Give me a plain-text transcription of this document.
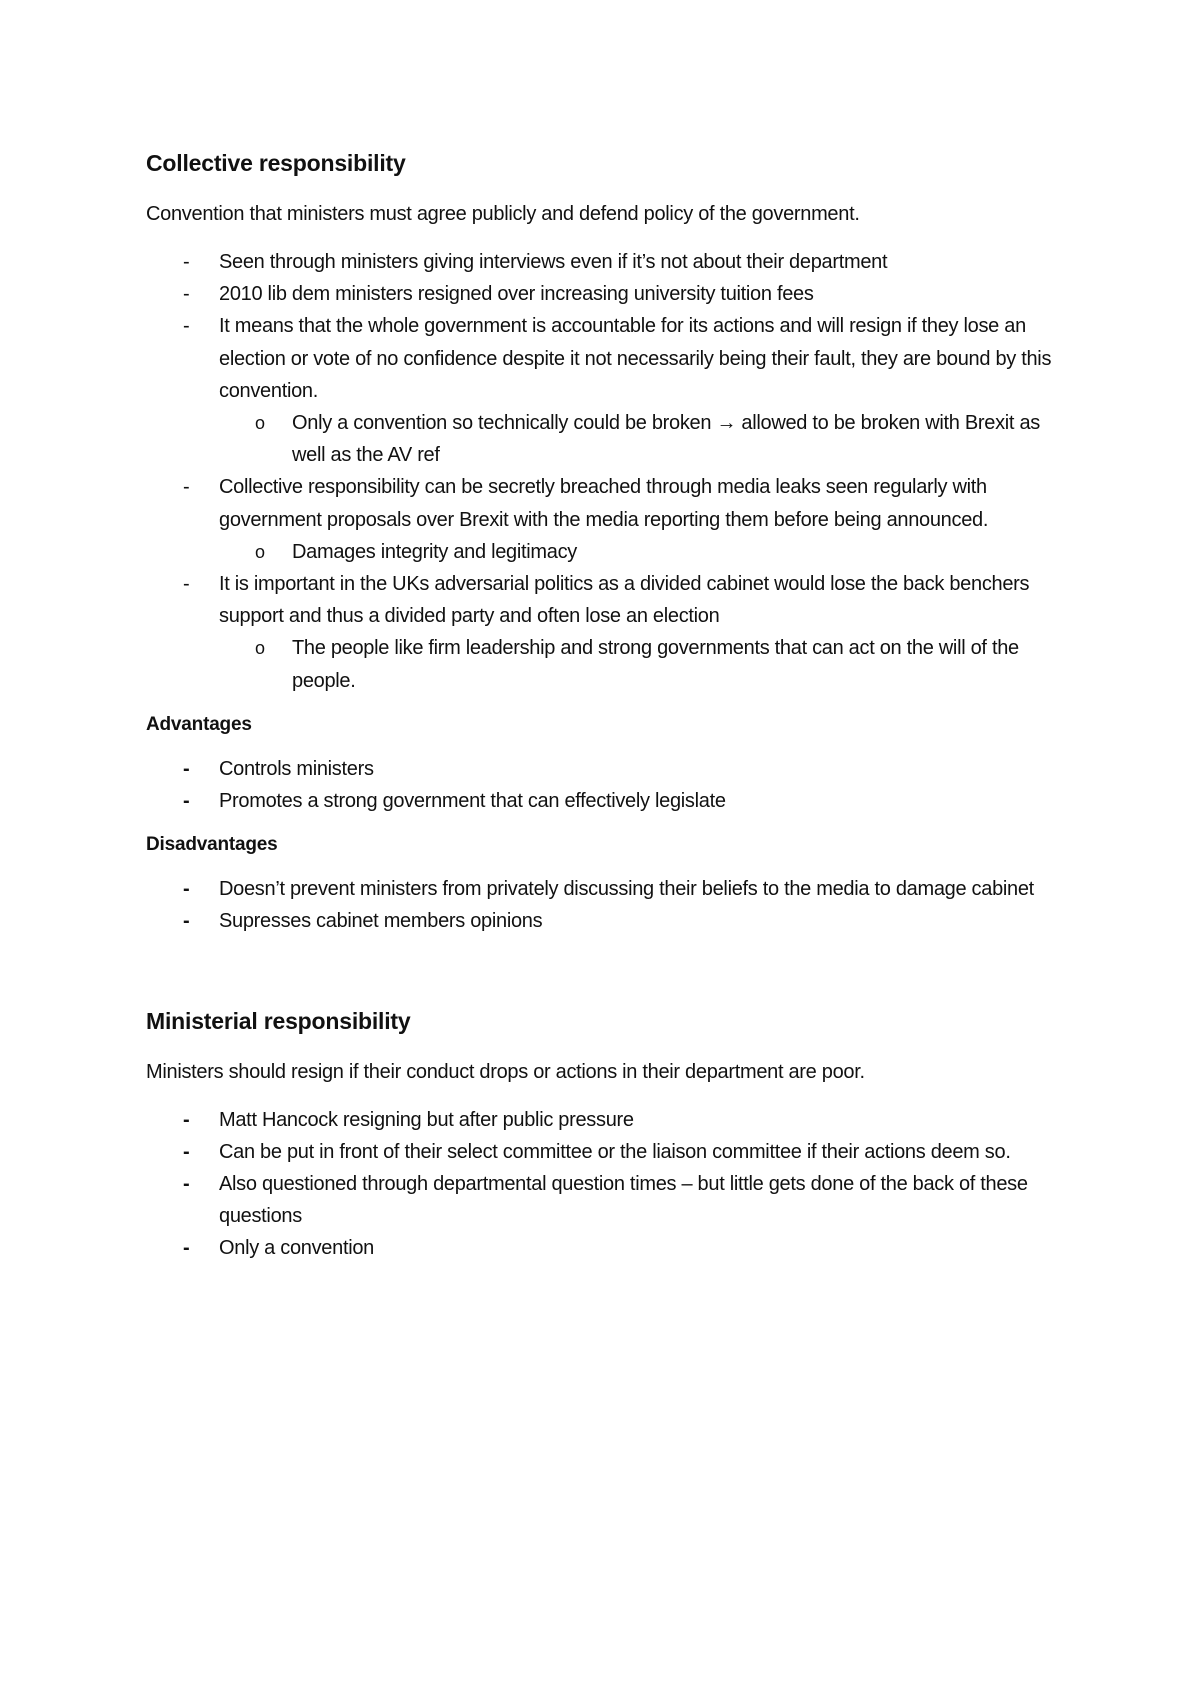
Collective responsibility
Convention that ministers must agree publicly and defend policy of the government.
-	Seen through ministers giving interviews even if it’s not about their department
-	2010 lib dem ministers resigned over increasing university tuition fees
-	It means that the whole government is accountable for its actions and will resign if they lose an election or vote of no confidence despite it not necessarily being their fault, they are bound by this convention.
o	Only a convention so technically could be broken → allowed to be broken with Brexit as well as the AV ref
-	Collective responsibility can be secretly breached through media leaks seen regularly with government proposals over Brexit with the media reporting them before being announced.
o	Damages integrity and legitimacy
-	It is important in the UKs adversarial politics as a divided cabinet would lose the back benchers support and thus a divided party and often lose an election
o	The people like firm leadership and strong governments that can act on the will of the people.
Advantages
-	Controls ministers
-	Promotes a strong government that can effectively legislate
Disadvantages
-	Doesn’t prevent ministers from privately discussing their beliefs to the media to damage cabinet
-	Supresses cabinet members opinions
Ministerial responsibility
Ministers should resign if their conduct drops or actions in their department are poor.
-	Matt Hancock resigning but after public pressure
-	Can be put in front of their select committee or the liaison committee if their actions deem so.
-	Also questioned through departmental question times – but little gets done of the back of these questions
-	Only a convention
